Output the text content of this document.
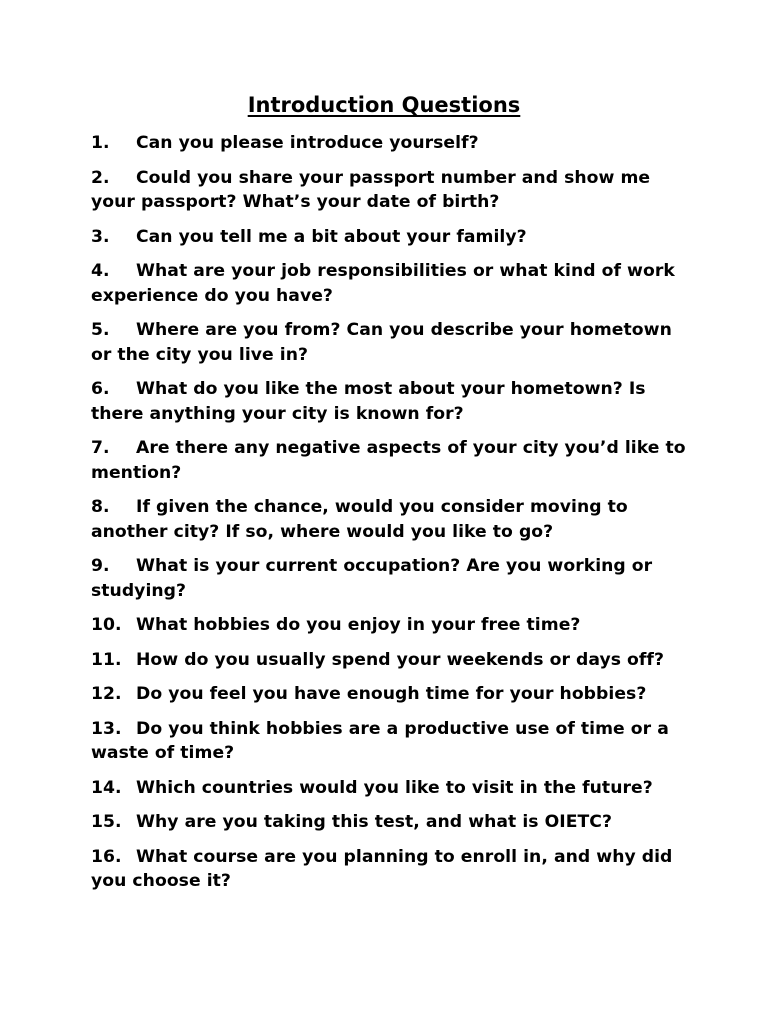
Introduction Questions
1. Can you please introduce yourself?
2. Could you share your passport number and show me your passport? What’s your date of birth?
3. Can you tell me a bit about your family?
4. What are your job responsibilities or what kind of work experience do you have?
5. Where are you from? Can you describe your hometown or the city you live in?
6. What do you like the most about your hometown? Is there anything your city is known for?
7. Are there any negative aspects of your city you’d like to mention?
8. If given the chance, would you consider moving to another city? If so, where would you like to go?
9. What is your current occupation? Are you working or studying?
10. What hobbies do you enjoy in your free time?
11. How do you usually spend your weekends or days off?
12. Do you feel you have enough time for your hobbies?
13. Do you think hobbies are a productive use of time or a waste of time?
14. Which countries would you like to visit in the future?
15. Why are you taking this test, and what is OIETC?
16. What course are you planning to enroll in, and why did you choose it?
